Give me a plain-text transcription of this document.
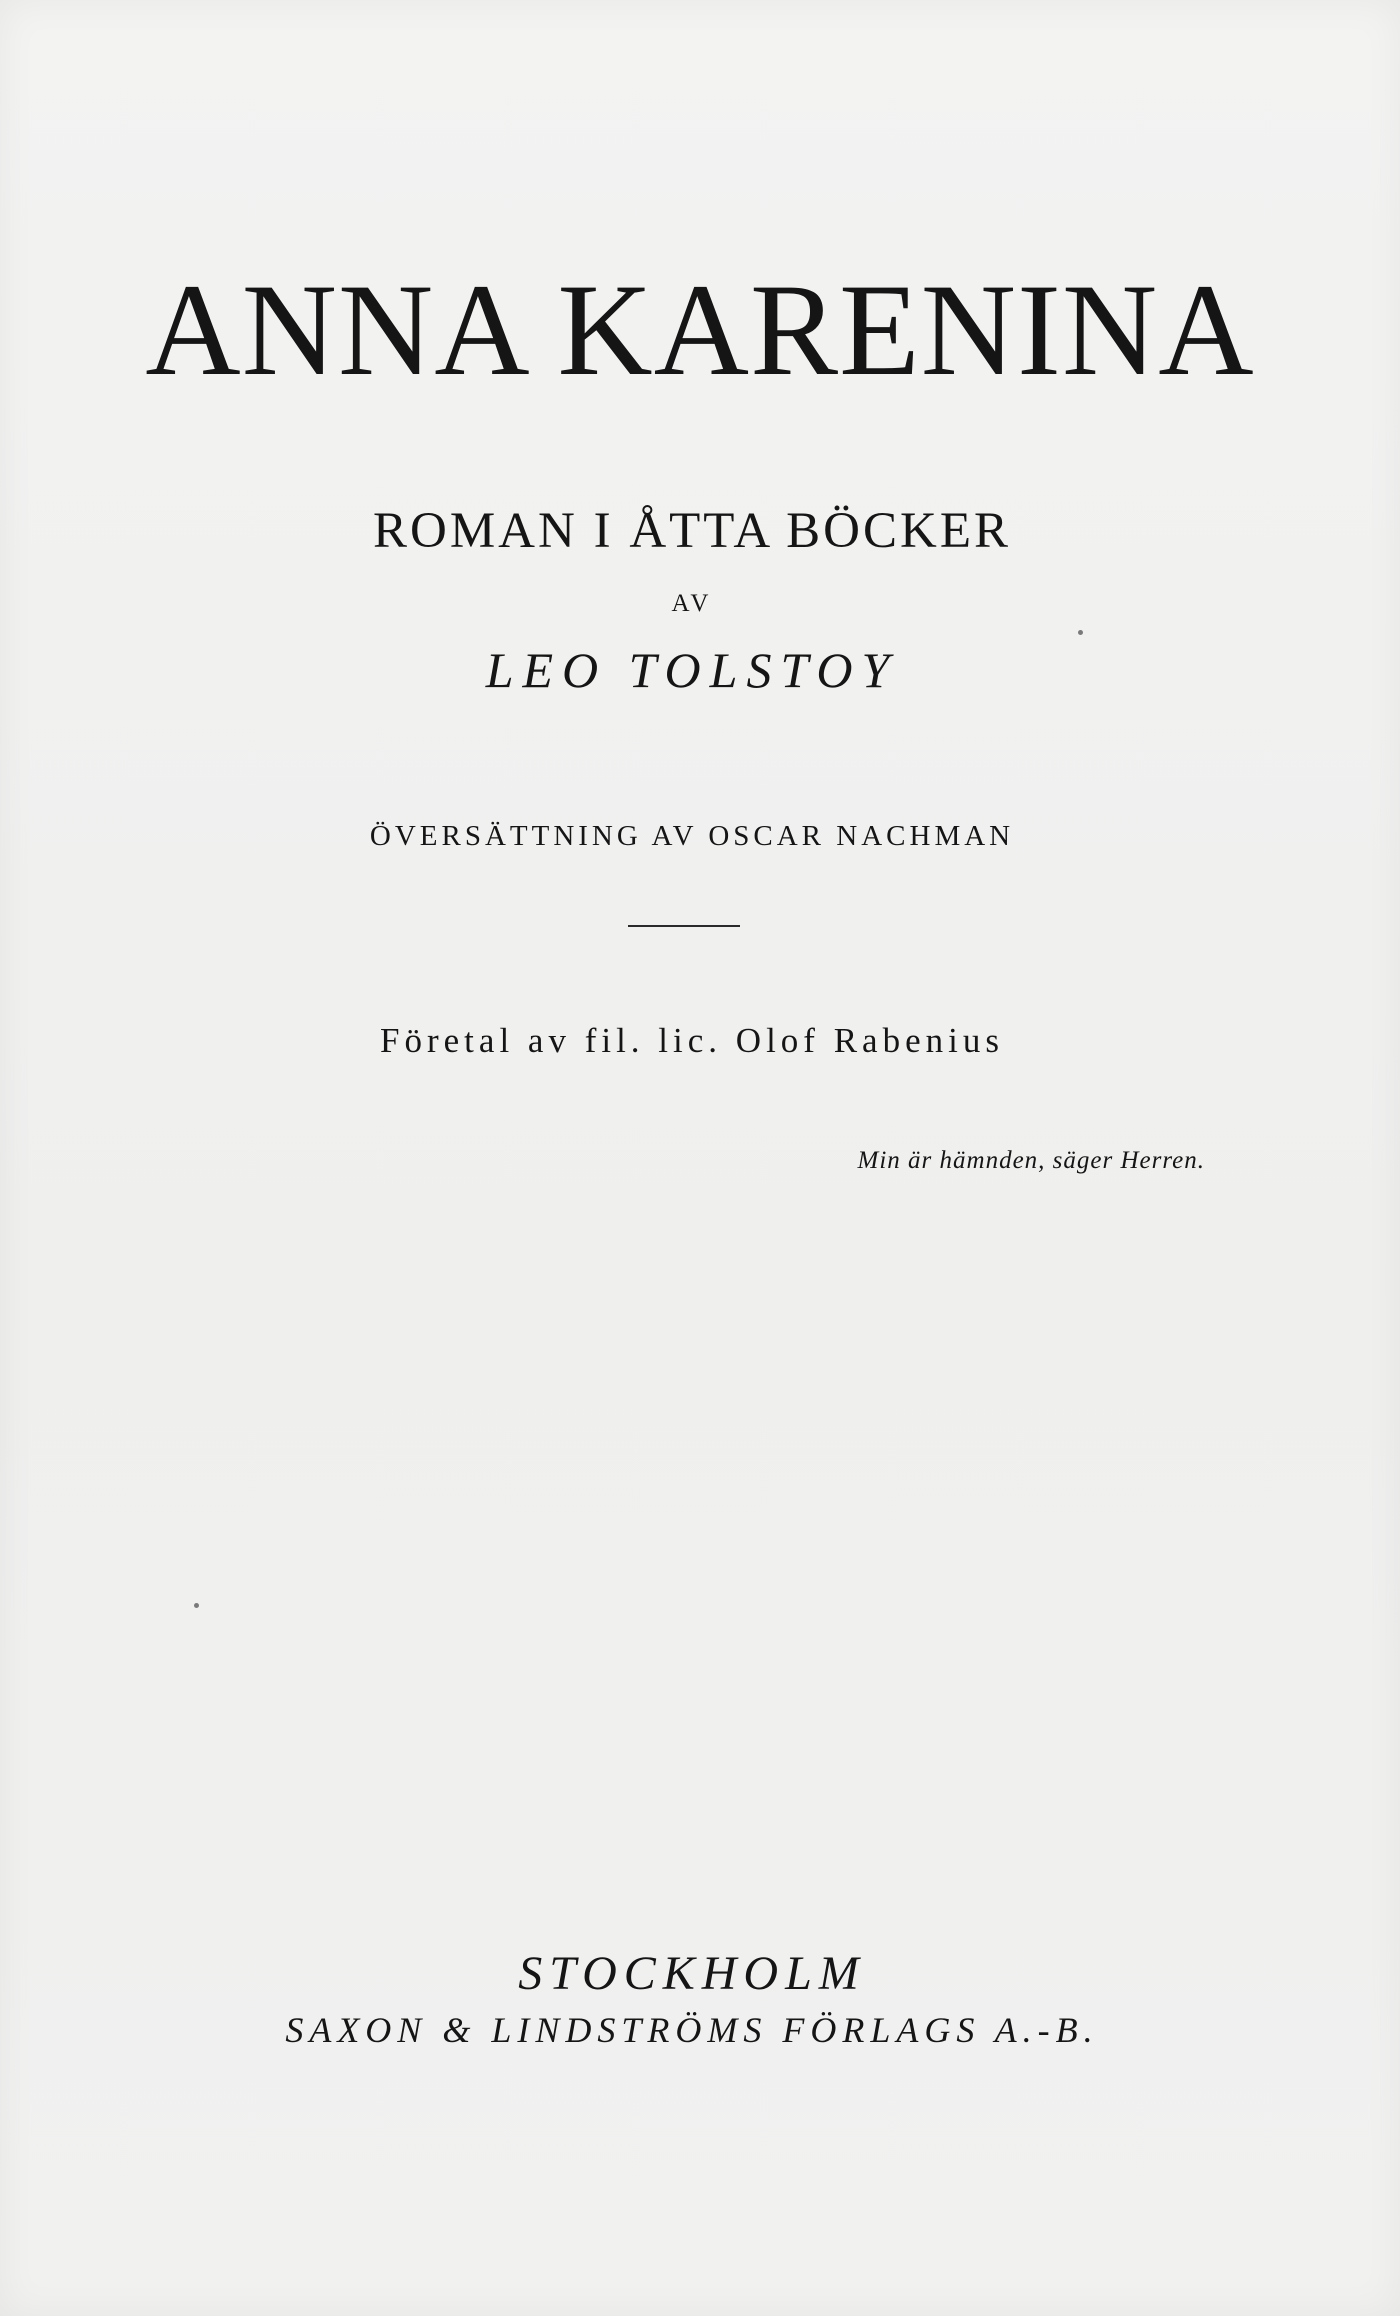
ANNA KARENINA
ROMAN I ÅTTA BÖCKER
AV
LEO TOLSTOY
ÖVERSÄTTNING AV OSCAR NACHMAN
Företal av fil. lic. Olof Rabenius
Min är hämnden, säger Herren.
STOCKHOLM
SAXON & LINDSTRÖMS FÖRLAGS A.-B.
